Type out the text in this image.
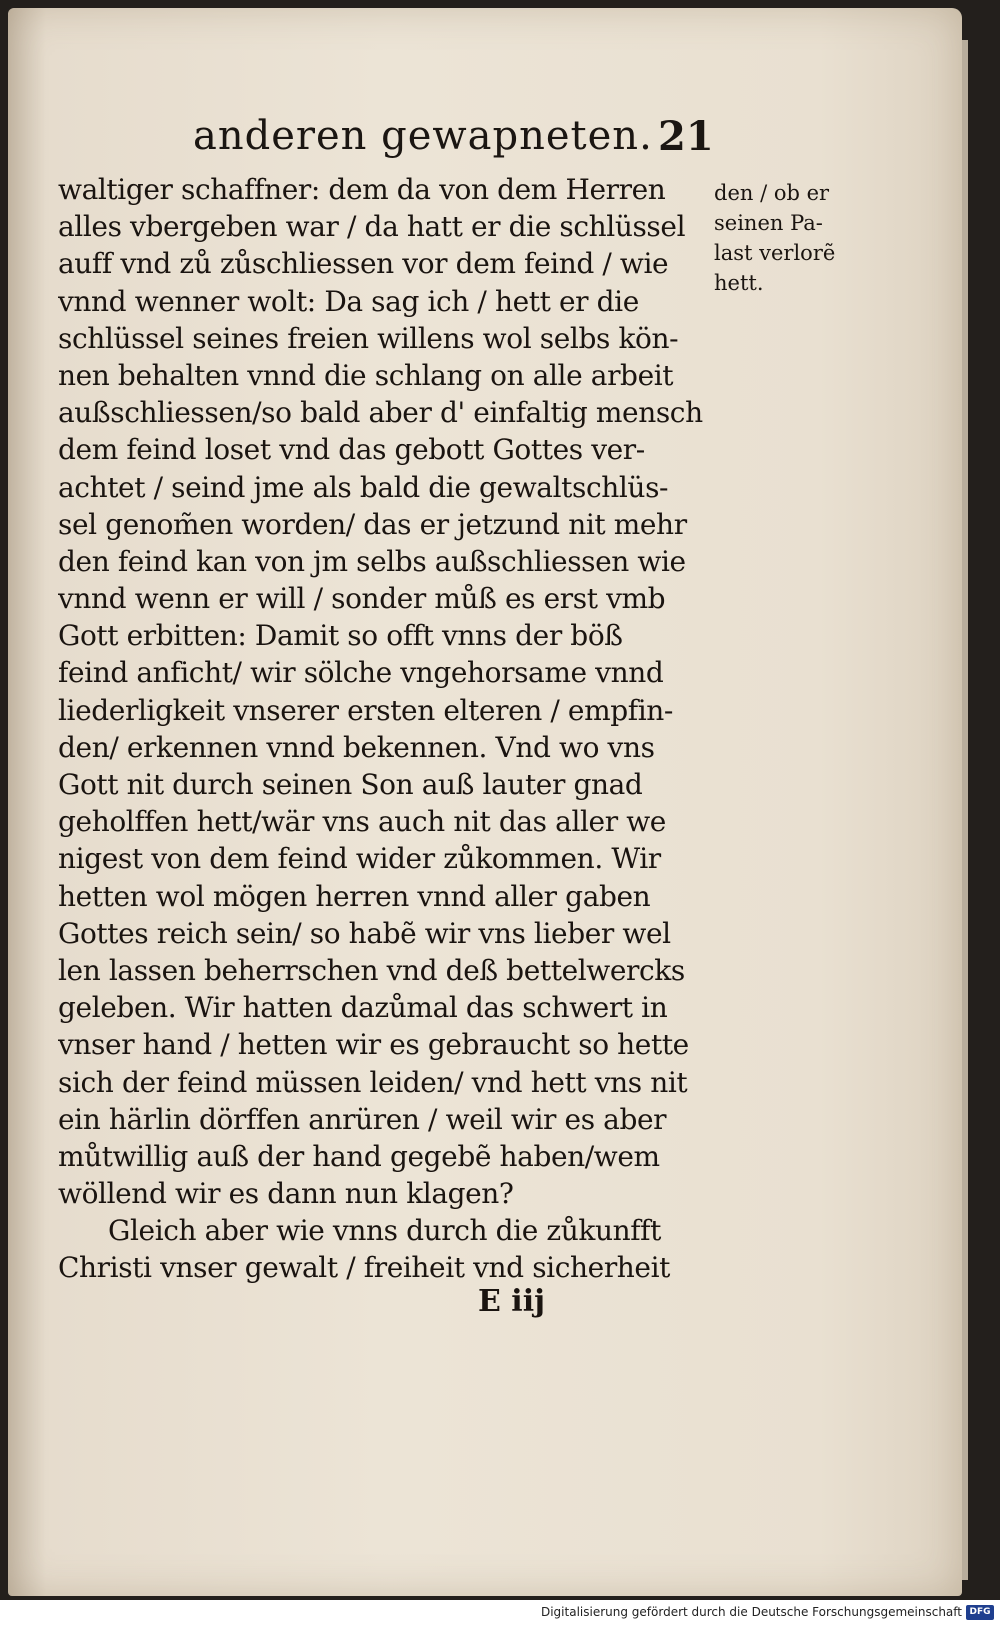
anderen gewapneten. 21
waltiger schaffner: dem da von dem Herren
alles vbergeben war / da hatt er die schlüssel
auff vnd zů zůschliessen vor dem feind / wie
vnnd wenner wolt: Da sag ich / hett er die
schlüssel seines freien willens wol selbs kön-
nen behalten vnnd die schlang on alle arbeit
außschliessen/so bald aber d' einfaltig mensch
dem feind loset vnd das gebott Gottes ver-
achtet / seind jme als bald die gewaltschlüs-
sel genom̃en worden/ das er jetzund nit mehr
den feind kan von jm selbs außschliessen wie
vnnd wenn er will / sonder můß es erst vmb
Gott erbitten: Damit so offt vnns der böß
feind anficht/ wir sölche vngehorsame vnnd
liederligkeit vnserer ersten elteren / empfin-
den/ erkennen vnnd bekennen. Vnd wo vns
Gott nit durch seinen Son auß lauter gnad
geholffen hett/wär vns auch nit das aller we
nigest von dem feind wider zůkommen. Wir
hetten wol mögen herren vnnd aller gaben
Gottes reich sein/ so habẽ wir vns lieber wel
len lassen beherrschen vnd deß bettelwercks
geleben. Wir hatten dazůmal das schwert in
vnser hand / hetten wir es gebraucht so hette
sich der feind müssen leiden/ vnd hett vns nit
ein härlin dörffen anrüren / weil wir es aber
můtwillig auß der hand gegebẽ haben/wem
wöllend wir es dann nun klagen?
Gleich aber wie vnns durch die zůkunfft
Christi vnser gewalt / freiheit vnd sicherheit
den / ob er
seinen Pa-
last verlorẽ
hett.
E iij
Digitalisierung gefördert durch die Deutsche Forschungsgemeinschaft DFG
